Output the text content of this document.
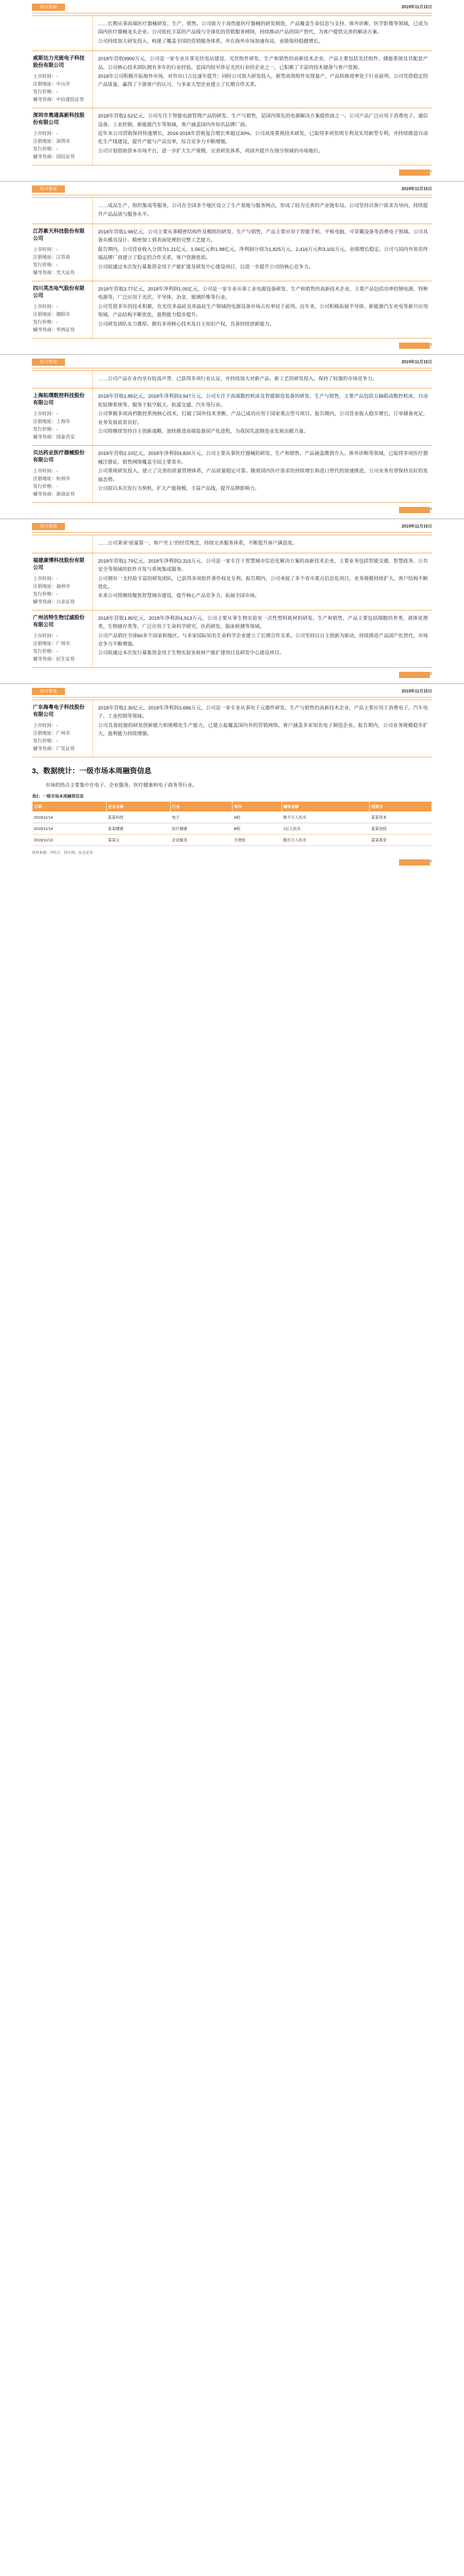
股市要闻	2019年11月15日

……长期从事高端医疗器械研发、生产、销售。公司致力于高性能医疗器械的研发制造，产品覆盖生命信息与支持、体外诊断、医学影像等领域，已成为国内医疗器械龙头企业。公司依托丰富的产品线与全球化的营销服务网络，持续推动产品的国产替代，为客户提供完善的解决方案。

公司持续加大研发投入，构建了覆盖全国的营销服务体系，并在海外市场加速布局，业绩保持稳健增长。

威斯达力光能电子科技股份有限公司
上市时间：-
注册地址：中山市
发行价格：-
辅导券商：中信建投证券

2018年营收9900万元，公司是一家专业从事光伏电站建设、光伏组件研发、生产和销售的高新技术企业，产品主要包括光伏组件、储能系统及其配套产品。公司核心技术团队拥有多年的行业经验，是国内较早涉足光伏行业的企业之一，已积累了丰富的技术储备与客户资源。

2018年公司积极开拓海外市场，对外出口占比逐年提升；同时公司加大研发投入，新型高效组件实现量产，产品转换效率处于行业前列。公司凭借稳定的产品质量，赢得了下游客户的认可，与多家大型企业建立了长期合作关系。

深圳市奥通高新科技股份有限公司
上市时间：-
注册地址：深圳市
发行价格：-
辅导券商：国信证券

2018年营收2.52亿元，公司专注于智能电源管理产品的研发、生产与销售，是国内领先的电源解决方案提供商之一。公司产品广泛应用于消费电子、通信设备、工业控制、新能源汽车等领域，客户涵盖国内外知名品牌厂商。

近年来公司营收保持快速增长，2016-2018年营收复合增长率超过30%。公司高度重视技术研发，已取得多项发明专利及实用新型专利，并持续推进自动化生产线建设，提升产能与产品良率，综合竞争力不断增强。

公司计划借助资本市场平台，进一步扩大生产规模，完善研发体系，巩固并提升在细分领域的市场地位。

2
股市要闻	2019年11月15日

……成品生产、组织集成等服务，公司在全国多个地区设立了生产基地与服务网点，形成了较为完善的产业链布局。公司坚持以客户需求为导向，持续提升产品品质与服务水平。

江苏紫天科技股份有限公司
上市时间：-
注册地址：江苏省
发行价格：-
辅导券商：光大证券

2018年营收1.98亿元，公司主要从事精密结构件及模组的研发、生产与销售，产品主要应用于智能手机、平板电脑、可穿戴设备等消费电子领域。公司具备从模具设计、精密加工到表面处理的完整工艺能力。

报告期内，公司营业收入分别为1.21亿元、1.56亿元和1.98亿元，净利润分别为1,825万元、2,416万元和3,102万元，业绩增长稳定。公司与国内外知名终端品牌厂商建立了稳定的合作关系，客户资源优质。

公司拟通过本次发行募集资金用于产能扩建及研发中心建设项目，以进一步提升公司的核心竞争力。

四川英杰电气股份有限公司
上市时间：-
注册地址：德阳市
发行价格：-
辅导券商：华西证券

2018年营收3.77亿元，2018年净利润1.05亿元，公司是一家专业从事工业电源设备研发、生产和销售的高新技术企业，主要产品包括功率控制电源、特种电源等，广泛应用于光伏、半导体、冶金、玻璃纤维等行业。

公司凭借多年的技术积累，在光伏多晶硅及单晶硅生产领域的电源设备市场占有率居于前列。近年来，公司积极拓展半导体、新能源汽车充电等新兴应用领域，产品结构不断优化，盈利能力稳步提升。

公司研发团队实力雄厚，拥有多项核心技术及自主知识产权，具备持续创新能力。

3
股市要闻	2019年11月15日

……公司产品在业内享有较高声誉，已获得多项行业认证，并持续加大对新产品、新工艺的研发投入，保持了较强的市场竞争力。

上海拓璞数控科技股份有限公司
上市时间：-
注册地址：上海市
发行价格：-
辅导券商：国泰君安

2018年营收1.85亿元，2018年净利润3,947万元，公司专注于高端数控机床及智能制造装备的研发、生产与销售，主要产品包括五轴联动数控机床、自动化钻铆系统等，服务于航空航天、轨道交通、汽车等行业。

公司掌握多项高档数控系统核心技术，打破了国外技术垄断，产品已成功应用于国家重点型号项目。报告期内，公司营业收入稳步增长，订单储备充足，业务发展前景良好。

公司将继续坚持自主创新战略，加快推进高端装备国产化进程，为我国先进制造业发展贡献力量。

贝达药业医疗器械股份有限公司
上市时间：-
注册地址：杭州市
发行价格：-
辅导券商：浙商证券

2018年营收2.10亿元，2018年净利润4,820万元，公司主要从事医疗器械的研发、生产和销售，产品涵盖微创介入、体外诊断等领域，已取得多项医疗器械注册证，销售网络覆盖全国主要省市。

公司重视研发投入，建立了完善的质量管理体系，产品质量稳定可靠。随着国内医疗需求的持续增长和进口替代的加速推进，公司业务有望保持良好的发展态势。

公司拟以本次发行为契机，扩大产能规模，丰富产品线，提升品牌影响力。

4
股市要闻	2019年11月15日

……公司秉承“质量第一、客户至上”的经营理念，持续完善服务体系，不断提升客户满意度。

福建康博科技股份有限公司
上市时间：-
注册地址：福州市
发行价格：-
辅导券商：兴业证券

2018年营收1.79亿元，2018年净利润2,315万元，公司是一家专注于智慧城市信息化解决方案的高新技术企业，主要业务包括智能交通、智慧政务、公共安全等领域的软件开发与系统集成服务。

公司拥有一支经验丰富的研发团队，已获得多项软件著作权及专利。报告期内，公司承接了多个省市重点信息化项目，业务规模持续扩大，客户结构不断优化。

未来公司将继续聚焦智慧城市建设，提升核心产品竞争力，拓展全国市场。

广州洁特生物过滤股份有限公司
上市时间：-
注册地址：广州市
发行价格：-
辅导券商：民生证券

2018年营收1.80亿元，2018年净利润4,913万元，公司主要从事生物实验室一次性塑料耗材的研发、生产和销售，产品主要包括细胞培养类、液体处理类、生物储存类等，广泛应用于生命科学研究、医药研发、临床检测等领域。

公司产品销往全球60多个国家和地区，与多家国际知名生命科学企业建立了长期合作关系。公司坚持以自主创新为驱动，持续推进产品国产化替代，市场竞争力不断增强。

公司拟通过本次发行募集资金用于生物实验室耗材产能扩建项目及研发中心建设项目。

5
股市要闻	2019年11月15日
广东海粤电子科技股份有限公司
上市时间：-
注册地址：广州市
发行价格：-
辅导券商：广发证券

2018年营收2.30亿元，2018年净利润3,686万元，公司是一家专业从事电子元器件研发、生产与销售的高新技术企业，产品主要应用于消费电子、汽车电子、工业控制等领域。

公司具备较强的研发创新能力和规模化生产能力，已建立起覆盖国内外的营销网络，客户涵盖多家知名电子制造企业。报告期内，公司业务规模稳步扩大，盈利能力持续增强。

3、数据统计：一级市场本周融资信息
市场的热点主要集中在电子、企业服务、医疗健康和电子商务等行业。
表2：一级市场本周融资信息
日期	企业名称	行业	轮次	融资金额	投资方
2019/11/14	某某科技	电子	A轮	数千万人民币	某某资本
2019/11/14	某某健康	医疗健康	B轮	1亿人民币	某某创投
2019/11/13	某某云	企业服务	天使轮	数百万人民币	某某基金
资料来源：IT桔子、投中网、东北证券
6
